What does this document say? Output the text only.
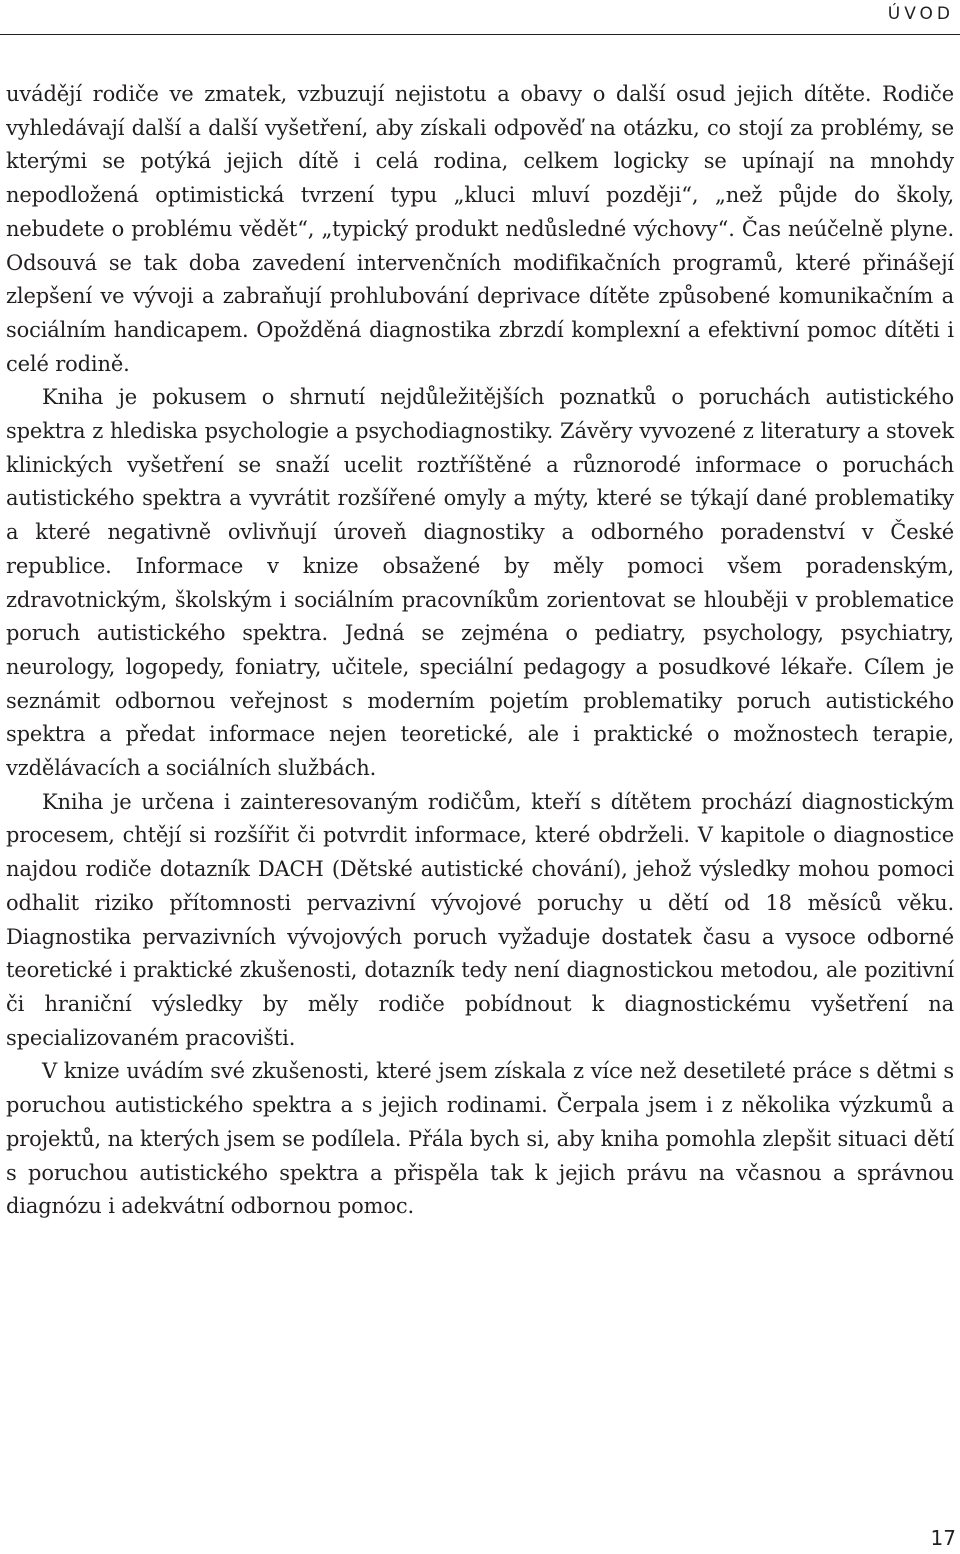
ÚVOD

uvádějí rodiče ve zmatek, vzbuzují nejistotu a obavy o další osud jejich dítěte. Rodiče vyhledávají další a další vyšetření, aby získali odpověď na otázku, co stojí za problémy, se kterými se potýká jejich dítě i celá rodina, celkem logicky se upínají na mnohdy nepodložená optimistická tvrzení typu „kluci mluví později“, „než půjde do školy, nebudete o problému vědět“, „typický produkt nedůsledné výchovy“. Čas neúčelně plyne. Odsouvá se tak doba zavedení intervenčních modifikačních programů, které přinášejí zlepšení ve vývoji a zabraňují prohlubování deprivace dítěte způsobené komunikačním a sociálním handicapem. Opožděná diagnostika zbrzdí komplexní a efektivní pomoc dítěti i celé rodině.

Kniha je pokusem o shrnutí nejdůležitějších poznatků o poruchách autistického spektra z hlediska psychologie a psychodiagnostiky. Závěry vyvozené z literatury a stovek klinických vyšetření se snaží ucelit roztříštěné a různorodé informace o poruchách autistického spektra a vyvrátit rozšířené omyly a mýty, které se týkají dané problematiky a které negativně ovlivňují úroveň diagnostiky a odborného poradenství v České republice. Informace v knize obsažené by měly pomoci všem poradenským, zdravotnickým, školským i sociálním pracovníkům zorientovat se hlouběji v problematice poruch autistického spektra. Jedná se zejména o pediatry, psychology, psychiatry, neurology, logopedy, foniatry, učitele, speciální pedagogy a posudkové lékaře. Cílem je seznámit odbornou veřejnost s moderním pojetím problematiky poruch autistického spektra a předat informace nejen teoretické, ale i praktické o možnostech terapie, vzdělávacích a sociálních službách.

Kniha je určena i zainteresovaným rodičům, kteří s dítětem prochází diagnostickým procesem, chtějí si rozšířit či potvrdit informace, které obdrželi. V kapitole o diagnostice najdou rodiče dotazník DACH (Dětské autistické chování), jehož výsledky mohou pomoci odhalit riziko přítomnosti pervazivní vývojové poruchy u dětí od 18 měsíců věku. Diagnostika pervazivních vývojových poruch vyžaduje dostatek času a vysoce odborné teoretické i praktické zkušenosti, dotazník tedy není diagnostickou metodou, ale pozitivní či hraniční výsledky by měly rodiče pobídnout k diagnostickému vyšetření na specializovaném pracovišti.

V knize uvádím své zkušenosti, které jsem získala z více než desetileté práce s dětmi s poruchou autistického spektra a s jejich rodinami. Čerpala jsem i z několika výzkumů a projektů, na kterých jsem se podílela. Přála bych si, aby kniha pomohla zlepšit situaci dětí s poruchou autistického spektra a přispěla tak k jejich právu na včasnou a správnou diagnózu i adekvátní odbornou pomoc.

17
